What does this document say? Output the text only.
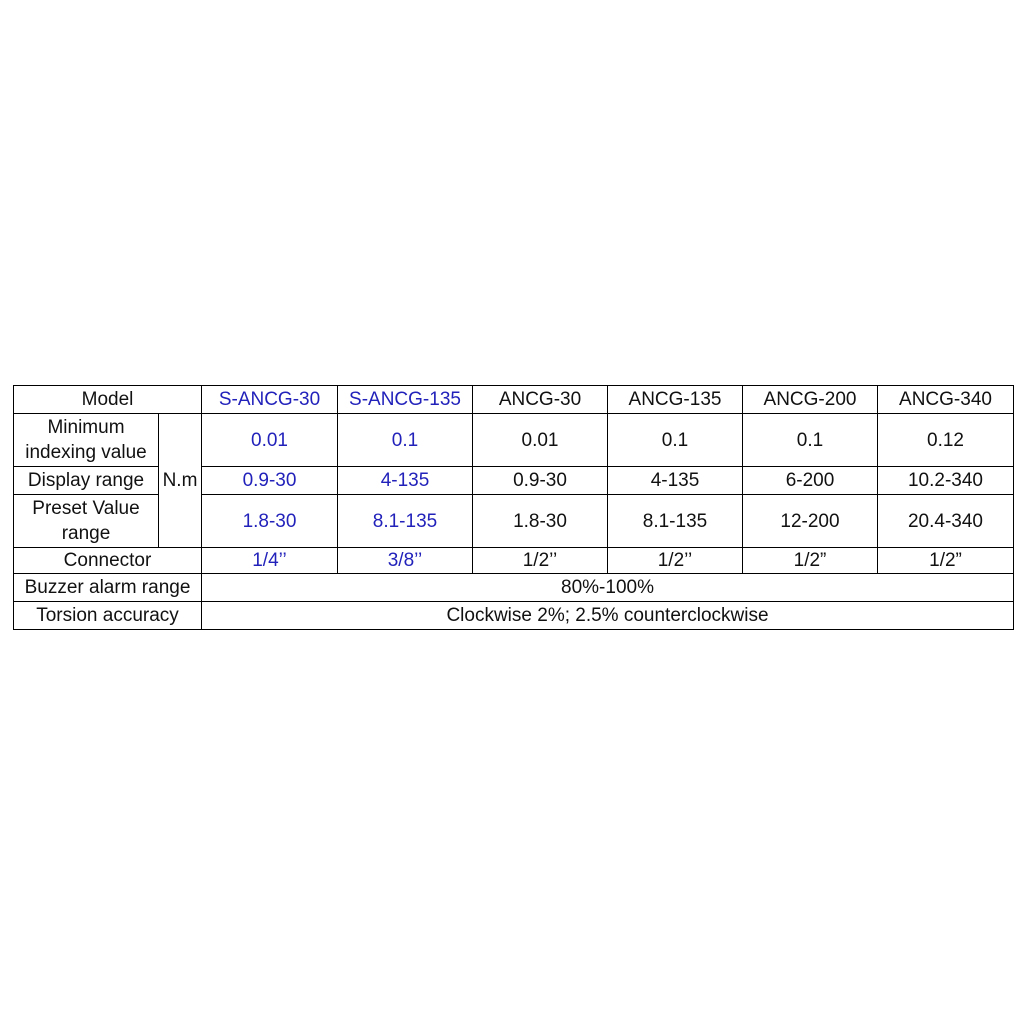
Model		S-ANCG-30	S-ANCG-135	ANCG-30	ANCG-135	ANCG-200	ANCG-340
Minimum indexing value	N.m	0.01	0.1	0.01	0.1	0.1	0.12
Display range		0.9-30	4-135	0.9-30	4-135	6-200	10.2-340
Preset Value range		1.8-30	8.1-135	1.8-30	8.1-135	12-200	20.4-340
Connector		1/4’’	3/8’’	1/2’’	1/2’’	1/2”	1/2”
Buzzer alarm range		80%-100%					
Torsion accuracy		Clockwise 2%; 2.5% counterclockwise					
